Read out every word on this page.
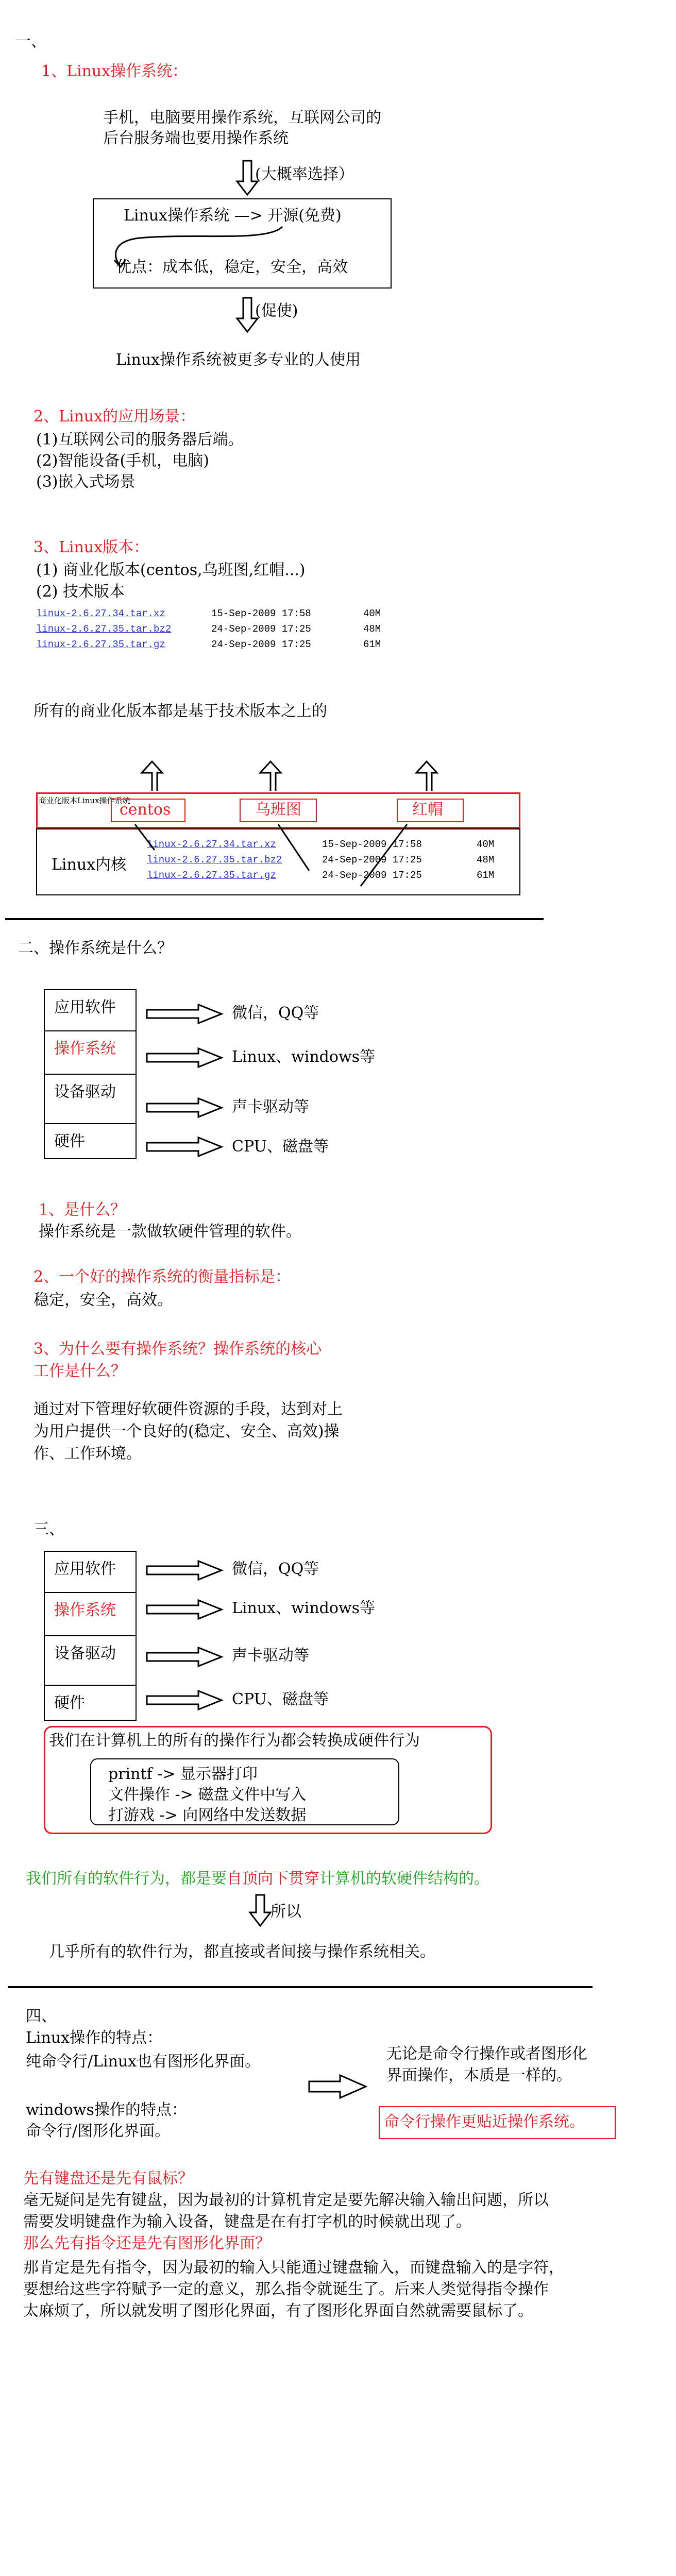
一、
1、Linux操作系统：
手机，电脑要用操作系统，互联网公司的
后台服务端也要用操作系统
(大概率选择）
Linux操作系统 —> 开源(免费)
优点：成本低，稳定，安全，高效
(促使)
Linux操作系统被更多专业的人使用
2、Linux的应用场景：
(1)互联网公司的服务器后端。
(2)智能设备(手机，电脑)
(3)嵌入式场景
3、Linux版本：
(1) 商业化版本(centos,乌班图,红帽...)
(2) 技术版本
linux-2.6.27.34.tar.xz	15-Sep-2009 17:58	40M
linux-2.6.27.35.tar.bz2	24-Sep-2009 17:25	48M
linux-2.6.27.35.tar.gz	24-Sep-2009 17:25	61M
所有的商业化版本都是基于技术版本之上的
商业化版本Linux操作系统
centos	乌班图	红帽
Linux内核
linux-2.6.27.34.tar.xz	15-Sep-2009 17:58	40M
linux-2.6.27.35.tar.bz2	24-Sep-2009 17:25	48M
linux-2.6.27.35.tar.gz	24-Sep-2009 17:25	61M
二、操作系统是什么？
应用软件
操作系统
设备驱动
硬件
微信，QQ等
Linux、windows等
声卡驱动等
CPU、磁盘等
1、是什么？
操作系统是一款做软硬件管理的软件。
2、一个好的操作系统的衡量指标是：
稳定，安全，高效。
3、为什么要有操作系统？操作系统的核心
工作是什么？
通过对下管理好软硬件资源的手段，达到对上
为用户提供一个良好的(稳定、安全、高效)操
作、工作环境。
三、
应用软件
操作系统
设备驱动
硬件
微信，QQ等
Linux、windows等
声卡驱动等
CPU、磁盘等
我们在计算机上的所有的操作行为都会转换成硬件行为
printf -> 显示器打印
文件操作 -> 磁盘文件中写入
打游戏 -> 向网络中发送数据
我们所有的软件行为，都是要自顶向下贯穿计算机的软硬件结构的。
所以
几乎所有的软件行为，都直接或者间接与操作系统相关。
四、
Linux操作的特点：
纯命令行/Linux也有图形化界面。
windows操作的特点：
命令行/图形化界面。
无论是命令行操作或者图形化
界面操作，本质是一样的。
命令行操作更贴近操作系统。
先有键盘还是先有鼠标？
毫无疑问是先有键盘，因为最初的计算机肯定是要先解决输入输出问题，所以
需要发明键盘作为输入设备，键盘是在有打字机的时候就出现了。
那么先有指令还是先有图形化界面？
那肯定是先有指令，因为最初的输入只能通过键盘输入，而键盘输入的是字符，
要想给这些字符赋予一定的意义，那么指令就诞生了。后来人类觉得指令操作
太麻烦了，所以就发明了图形化界面，有了图形化界面自然就需要鼠标了。
